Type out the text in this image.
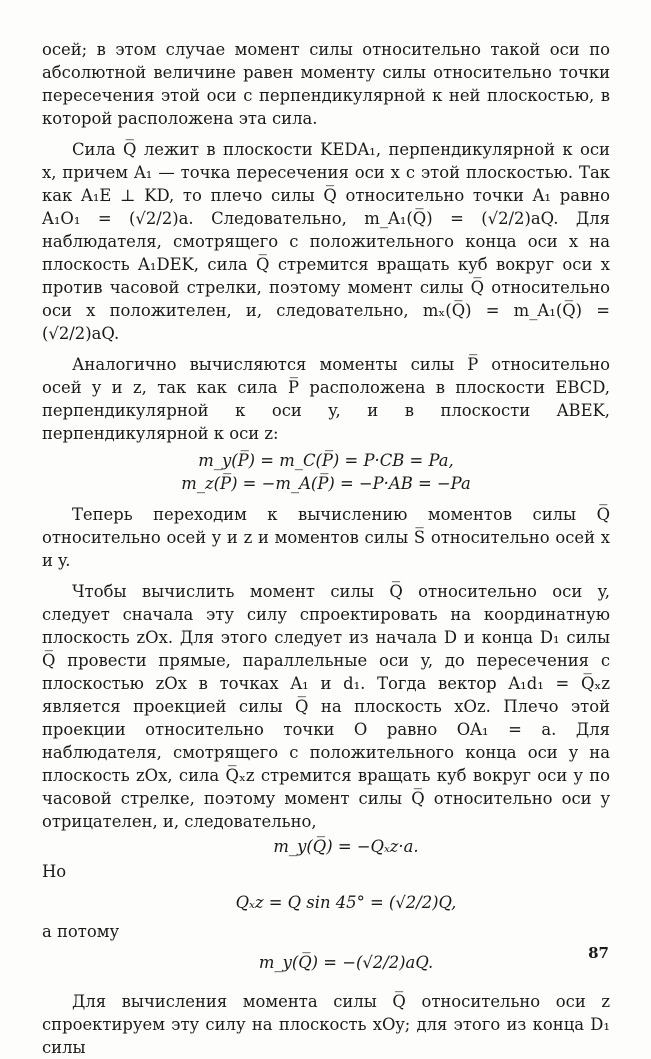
осей; в этом случае момент силы относительно такой оси по абсолютной величине равен моменту силы относительно точки пересечения этой оси с перпендикулярной к ней плоскостью, в которой расположена эта сила.

Сила Q̅ лежит в плоскости KEDA₁, перпендикулярной к оси x, причем A₁ — точка пересечения оси x с этой плоскостью. Так как A₁E ⊥ KD, то плечо силы Q̅ относительно точки A₁ равно A₁O₁ = (√2/2)a. Следовательно, m_A₁(Q̅) = (√2/2)aQ. Для наблюдателя, смотрящего с положительного конца оси x на плоскость A₁DEK, сила Q̅ стремится вращать куб вокруг оси x против часовой стрелки, поэтому момент силы Q̅ относительно оси x положителен, и, следовательно, mₓ(Q̅) = m_A₁(Q̅) = (√2/2)aQ.

Аналогично вычисляются моменты силы P̅ относительно осей y и z, так как сила P̅ расположена в плоскости EBCD, перпендикулярной к оси y, и в плоскости ABEK, перпендикулярной к оси z:

m_y(P̅) = m_C(P̅) = P·CB = Pa,

m_z(P̅) = −m_A(P̅) = −P·AB = −Pa

Теперь переходим к вычислению моментов силы Q̅ относительно осей y и z и моментов силы S̅ относительно осей x и y.

Чтобы вычислить момент силы Q̅ относительно оси y, следует сначала эту силу спроектировать на координатную плоскость zOx. Для этого следует из начала D и конца D₁ силы Q̅ провести прямые, параллельные оси y, до пересечения с плоскостью zOx в точках A₁ и d₁. Тогда вектор A₁d₁ = Q̅ₓz является проекцией силы Q̅ на плоскость xOz. Плечо этой проекции относительно точки O равно OA₁ = a. Для наблюдателя, смотрящего с положительного конца оси y на плоскость zOx, сила Q̅ₓz стремится вращать куб вокруг оси y по часовой стрелке, поэтому момент силы Q̅ относительно оси y отрицателен, и, следовательно,

m_y(Q̅) = −Qₓz·a.

Но

Qₓz = Q sin 45° = (√2/2)Q,

а потому

m_y(Q̅) = −(√2/2)aQ.

Для вычисления момента силы Q̅ относительно оси z спроектируем эту силу на плоскость xOy; для этого из конца D₁ силы

87
